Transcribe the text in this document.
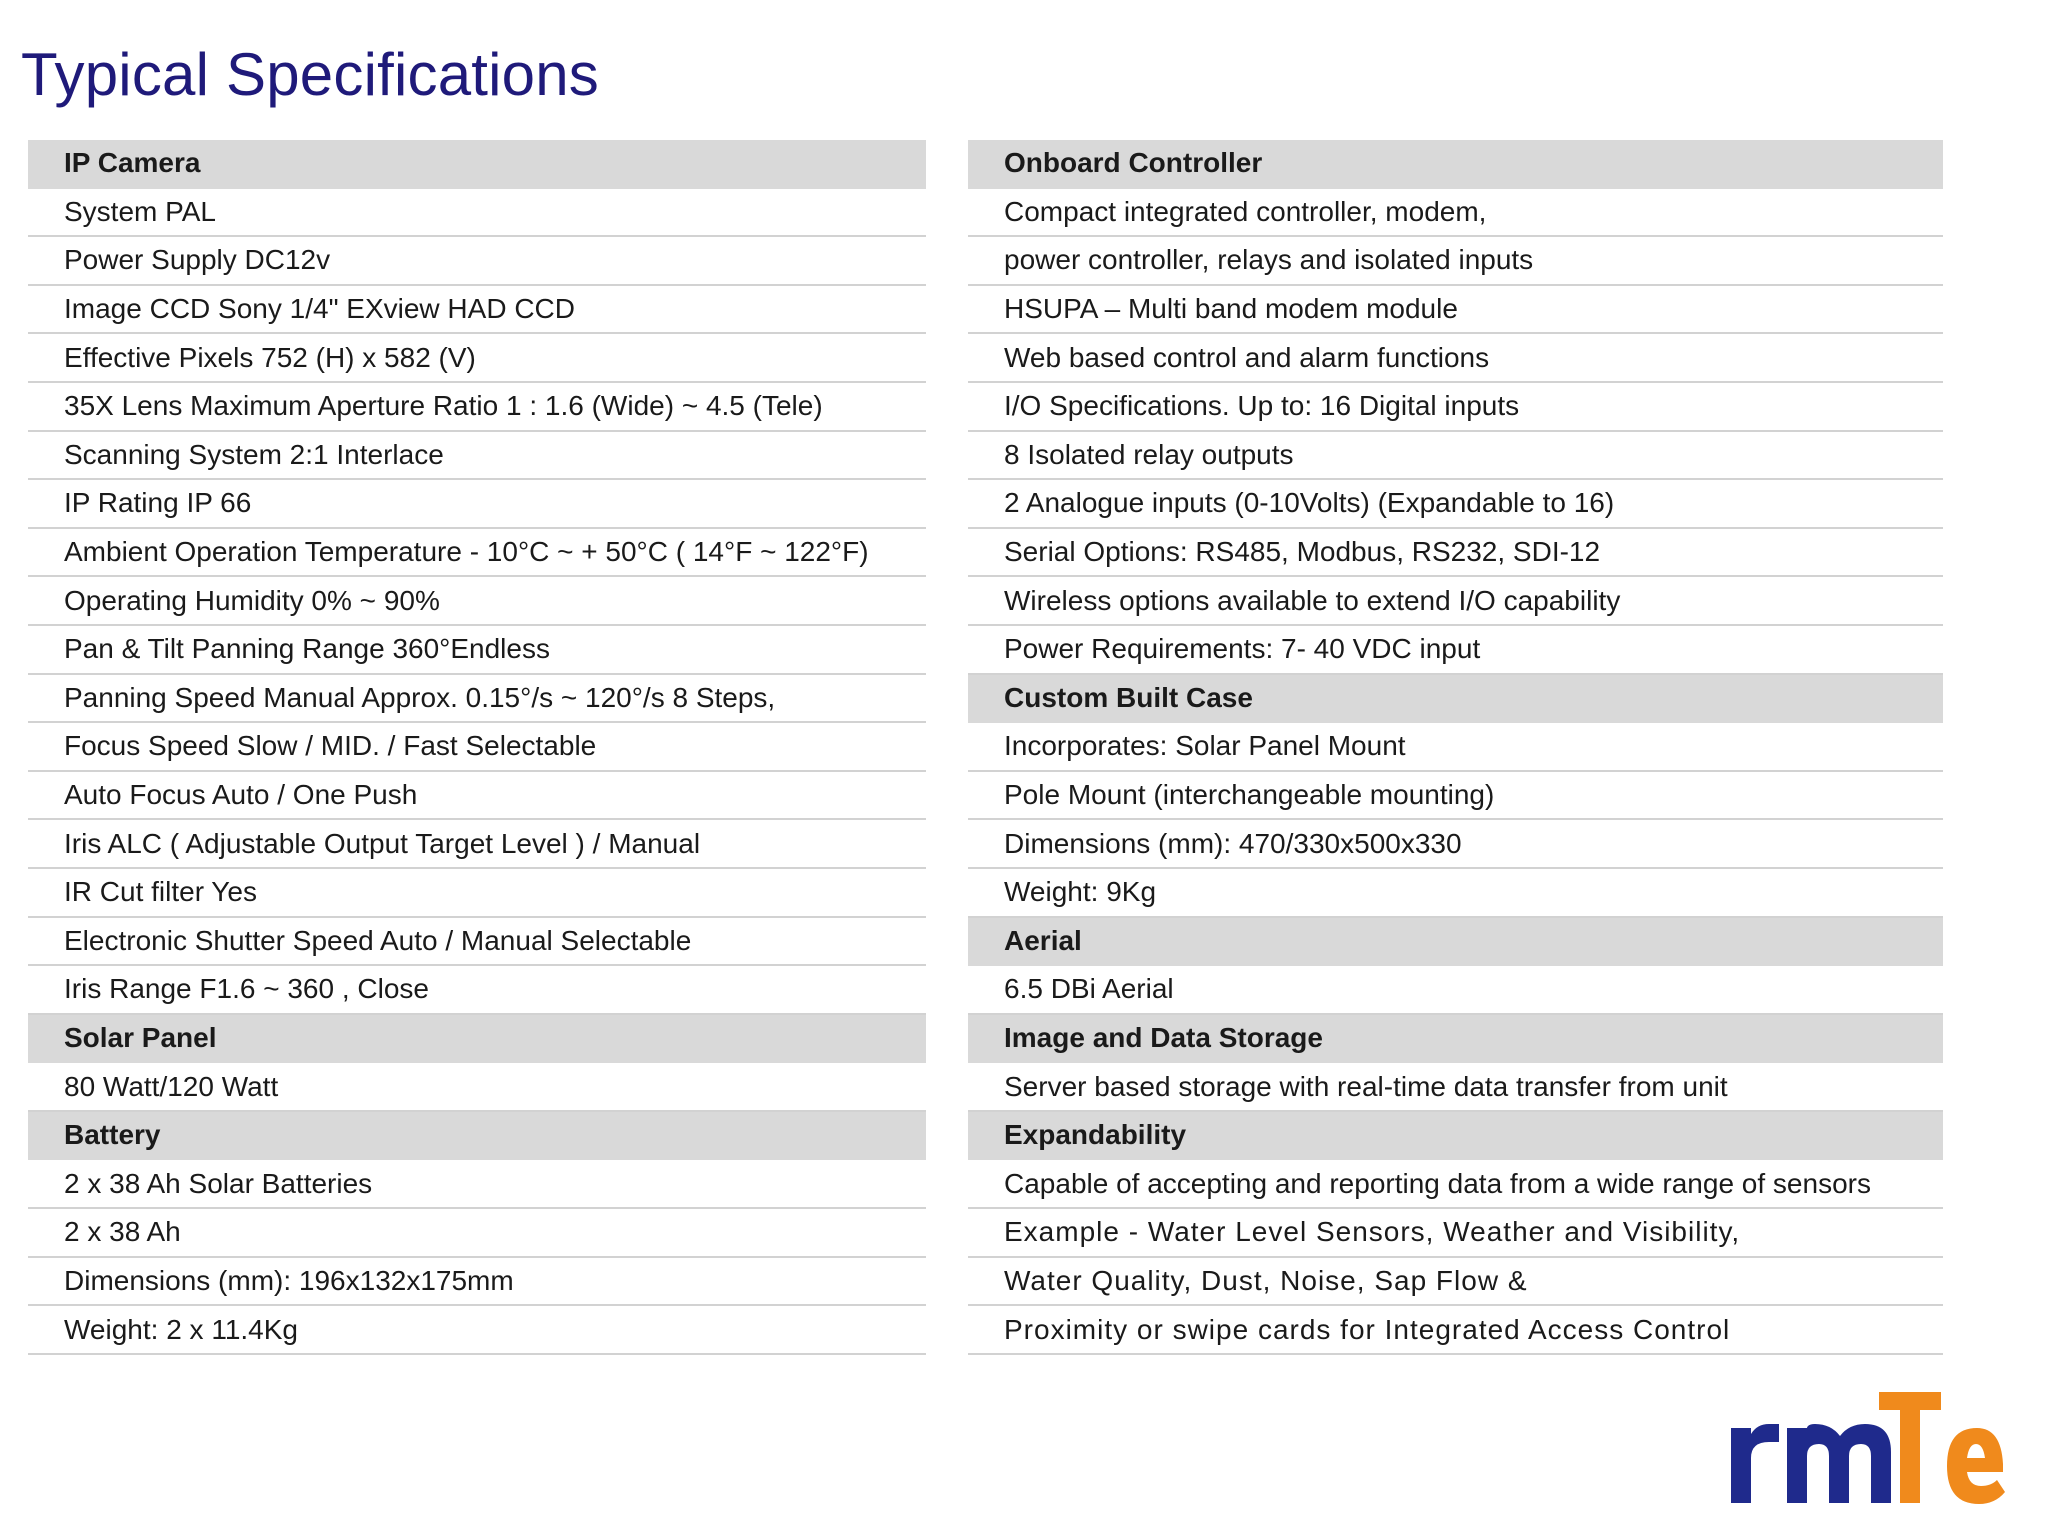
Typical Specifications
IP Camera
System PAL
Power Supply DC12v
Image CCD Sony 1/4" EXview HAD CCD
Effective Pixels 752 (H) x 582 (V)
35X Lens Maximum Aperture Ratio 1 : 1.6 (Wide) ~ 4.5 (Tele)
Scanning System 2:1 Interlace
IP Rating IP 66
Ambient Operation Temperature - 10°C ~ + 50°C ( 14°F ~ 122°F)
Operating Humidity 0% ~ 90%
Pan & Tilt Panning Range 360°Endless
Panning Speed Manual Approx. 0.15°/s ~ 120°/s 8 Steps,
Focus Speed Slow / MID. / Fast Selectable
Auto Focus Auto / One Push
Iris ALC ( Adjustable Output Target Level ) / Manual
IR Cut filter Yes
Electronic Shutter Speed Auto / Manual Selectable
Iris Range F1.6 ~ 360 , Close
Solar Panel
80 Watt/120 Watt
Battery
2 x 38 Ah Solar Batteries
2 x 38 Ah
Dimensions (mm): 196x132x175mm
Weight: 2 x 11.4Kg
Onboard Controller
Compact integrated controller, modem,
power controller, relays and isolated inputs
HSUPA – Multi band modem module
Web based control and alarm functions
I/O Specifications. Up to: 16 Digital inputs
8 Isolated relay outputs
2 Analogue inputs (0-10Volts) (Expandable to 16)
Serial Options: RS485, Modbus, RS232, SDI-12
Wireless options available to extend I/O capability
Power Requirements: 7- 40 VDC input
Custom Built Case
Incorporates: Solar Panel Mount
Pole Mount (interchangeable mounting)
Dimensions (mm): 470/330x500x330
Weight: 9Kg
Aerial
6.5 DBi Aerial
Image and Data Storage
Server based storage with real-time data transfer from unit
Expandability
Capable of accepting and reporting data from a wide range of sensors
Example - Water Level Sensors, Weather and Visibility,
Water Quality, Dust, Noise, Sap Flow &
Proximity or swipe cards for Integrated Access Control
